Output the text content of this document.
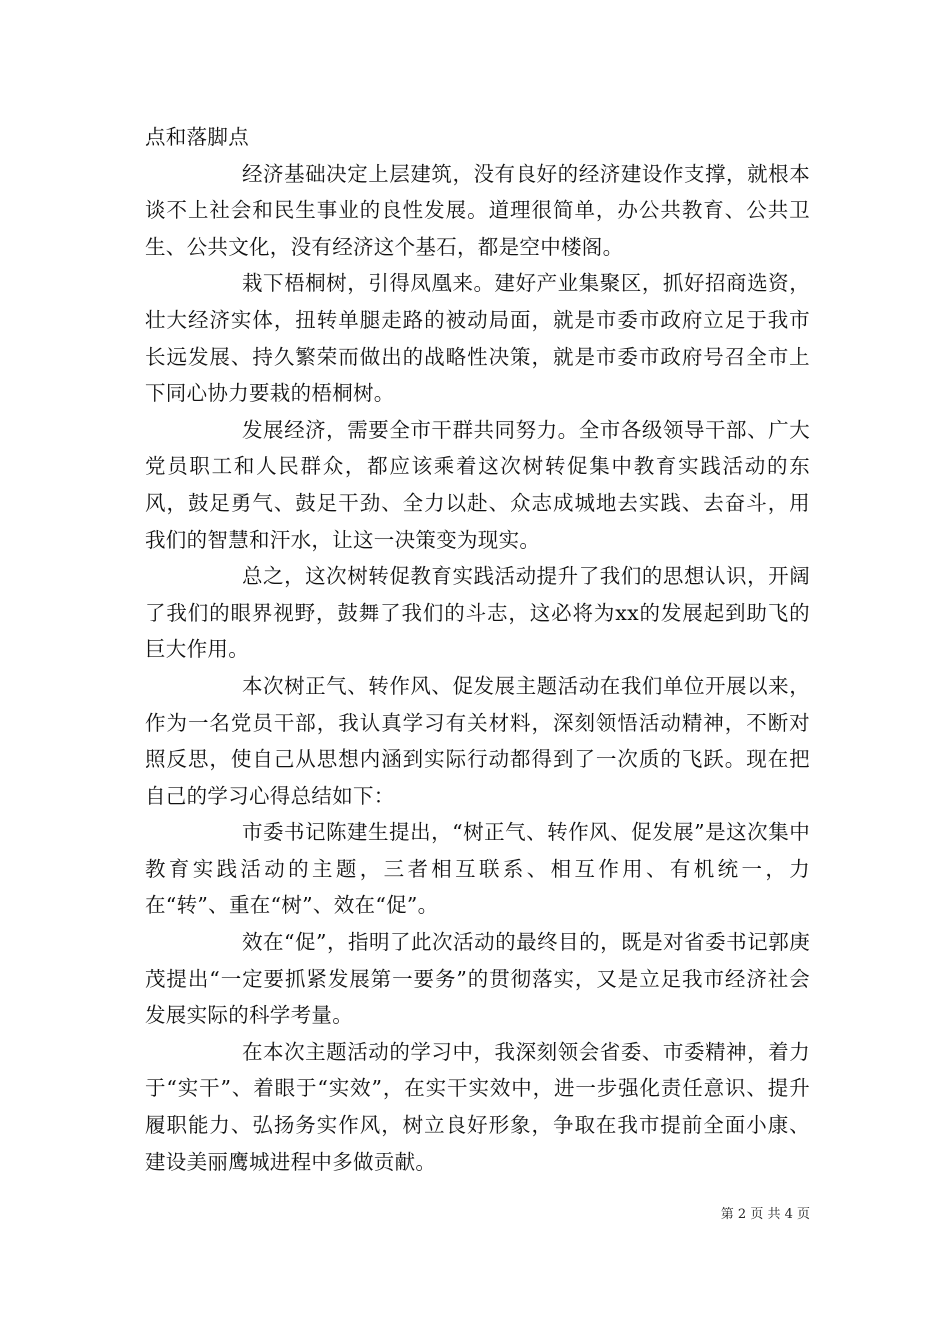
点和落脚点

经济基础决定上层建筑，没有良好的经济建设作支撑，就根本谈不上社会和民生事业的良性发展。道理很简单，办公共教育、公共卫生、公共文化，没有经济这个基石，都是空中楼阁。

栽下梧桐树，引得凤凰来。建好产业集聚区，抓好招商选资，壮大经济实体，扭转单腿走路的被动局面，就是市委市政府立足于我市长远发展、持久繁荣而做出的战略性决策，就是市委市政府号召全市上下同心协力要栽的梧桐树。

发展经济，需要全市干群共同努力。全市各级领导干部、广大党员职工和人民群众，都应该乘着这次树转促集中教育实践活动的东风，鼓足勇气、鼓足干劲、全力以赴、众志成城地去实践、去奋斗，用我们的智慧和汗水，让这一决策变为现实。

总之，这次树转促教育实践活动提升了我们的思想认识，开阔了我们的眼界视野，鼓舞了我们的斗志，这必将为xx的发展起到助飞的巨大作用。

本次树正气、转作风、促发展主题活动在我们单位开展以来，作为一名党员干部，我认真学习有关材料，深刻领悟活动精神，不断对照反思，使自己从思想内涵到实际行动都得到了一次质的飞跃。现在把自己的学习心得总结如下：

市委书记陈建生提出，“树正气、转作风、促发展”是这次集中教育实践活动的主题，三者相互联系、相互作用、有机统一，力在“转”、重在“树”、效在“促”。

效在“促”，指明了此次活动的最终目的，既是对省委书记郭庚茂提出“一定要抓紧发展第一要务”的贯彻落实，又是立足我市经济社会发展实际的科学考量。

在本次主题活动的学习中，我深刻领会省委、市委精神，着力于“实干”、着眼于“实效”，在实干实效中，进一步强化责任意识、提升履职能力、弘扬务实作风，树立良好形象，争取在我市提前全面小康、建设美丽鹰城进程中多做贡献。

第 2 页 共 4 页
